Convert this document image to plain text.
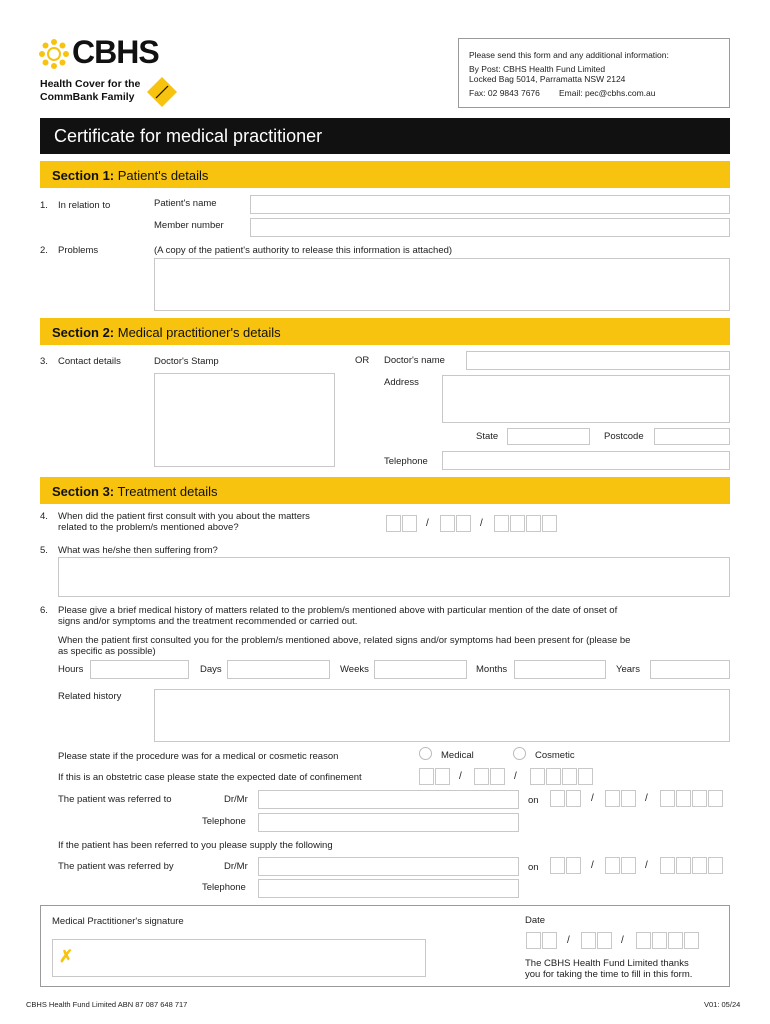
CBHS
Health Cover for the
CommBank Family
Please send this form and any additional information:
By Post: CBHS Health Fund Limited
Locked Bag 5014, Parramatta NSW 2124
Fax: 02 9843 7676 Email: pec@cbhs.com.au
Certificate for medical practitioner
Section 1: Patient's details
1. In relation to	Patient's name
Member number
2. Problems	(A copy of the patient's authority to release this information is attached)
Section 2: Medical practitioner's details
3. Contact details	Doctor's Stamp	OR Doctor's name
Address
State	Postcode
Telephone
Section 3: Treatment details
4. When did the patient first consult with you about the matters
related to the problem/s mentioned above?	/	/
5. What was he/she then suffering from?
6. Please give a brief medical history of matters related to the problem/s mentioned above with particular mention of the date of onset of
signs and/or symptoms and the treatment recommended or carried out.
When the patient first consulted you for the problem/s mentioned above, related signs and/or symptoms had been present for (please be
as specific as possible)
Hours	Days	Weeks	Months	Years
Related history
Please state if the procedure was for a medical or cosmetic reason	Medical	Cosmetic
If this is an obstetric case please state the expected date of confinement	/	/
The patient was referred to	Dr/Mr	on	/	/
Telephone
If the patient has been referred to you please supply the following
The patient was referred by	Dr/Mr	on	/	/
Telephone
Medical Practitioner's signature
✗
Date
/	/
The CBHS Health Fund Limited thanks
you for taking the time to fill in this form.
CBHS Health Fund Limited ABN 87 087 648 717	V01: 05/24
